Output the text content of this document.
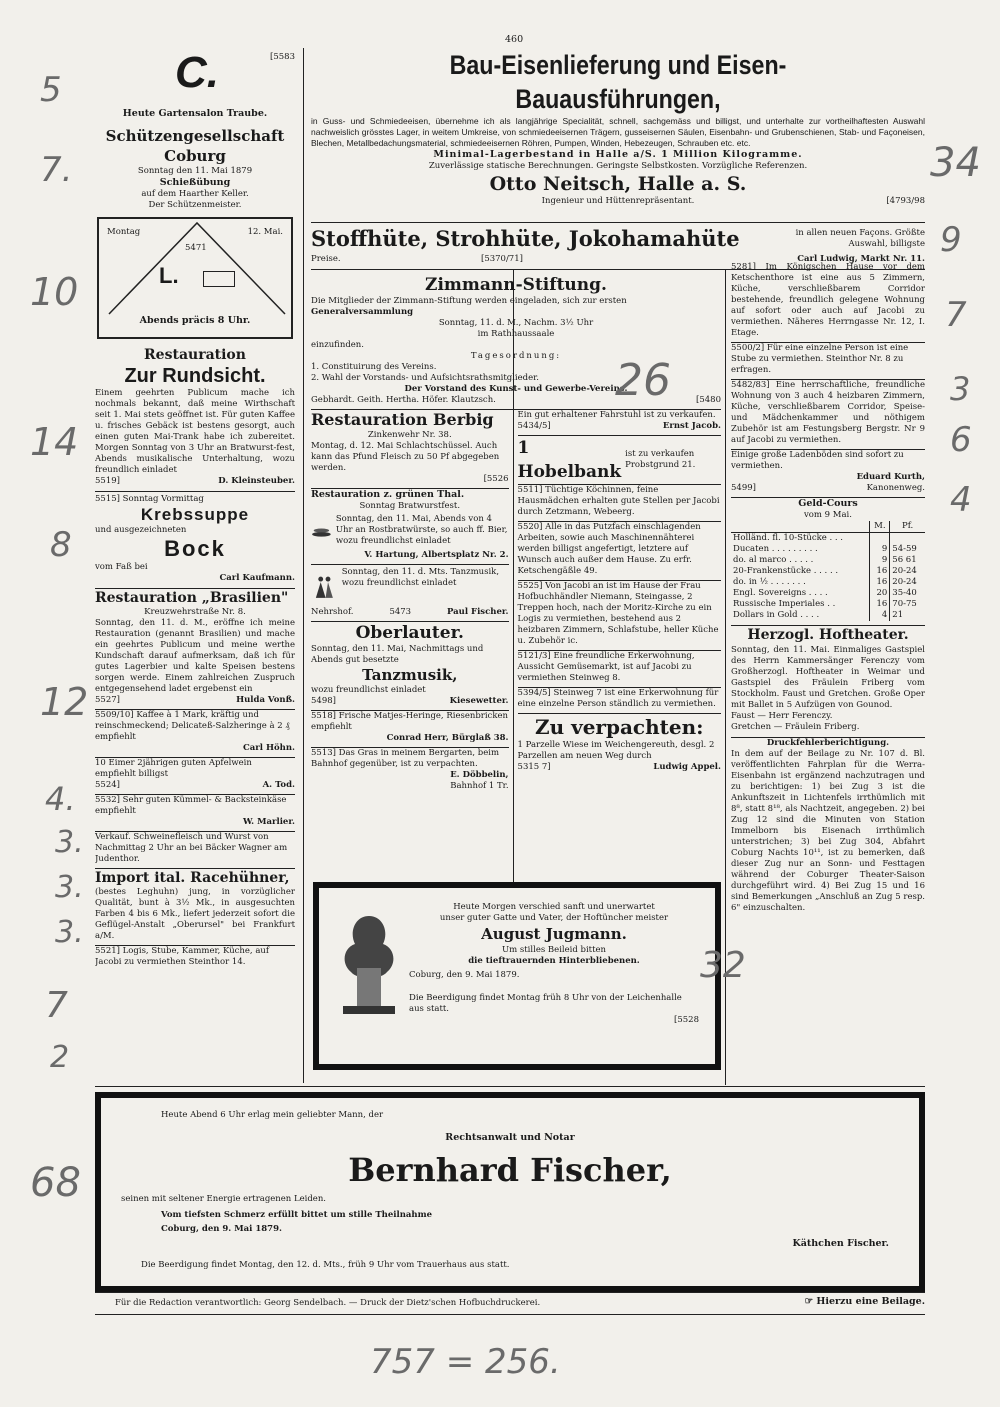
460
C.	[5583
Heute Gartensalon Traube.
Schützengesellschaft Coburg
Sonntag den 11. Mai 1879
Schießübung
auf dem Haarther Keller.
Der Schützenmeister.
Montag	12. Mai.
5471
L.
Abends präcis 8 Uhr.
Restauration
Zur Rundsicht.
Einem geehrten Publicum mache ich nochmals bekannt, daß meine Wirthschaft seit 1. Mai stets geöffnet ist. Für guten Kaffee u. frisches Gebäck ist bestens gesorgt, auch einen guten Mai-Trank habe ich zubereitet. Morgen Sonntag von 3 Uhr an Bratwurst-fest, Abends musikalische Unterhaltung, wozu freundlich einladet
5519]	D. Kleinsteuber.
5515] Sonntag Vormittag
Krebssuppe
und ausgezeichneten
Bock
vom Faß bei
Carl Kaufmann.
Restauration „Brasilien"
Kreuzwehrstraße Nr. 8.
Sonntag, den 11. d. M., eröffne ich meine Restauration (genannt Brasilien) und mache ein geehrtes Publicum und meine werthe Kundschaft darauf aufmerksam, daß ich für gutes Lagerbier und kalte Speisen bestens sorgen werde. Einem zahlreichen Zuspruch entgegensehend ladet ergebenst ein
5527]	Hulda Vonß.
5509/10] Kaffee à 1 Mark, kräftig und reinschmeckend; Delicateß-Salzheringe à 2 ₰ empfiehlt
Carl Höhn.
10 Eimer 2jährigen guten Apfelwein empfiehlt billigst
5524]	A. Tod.
5532] Sehr guten Kümmel- & Backsteinkäse empfiehlt
W. Marlier.
Verkauf. Schweinefleisch und Wurst von Nachmittag 2 Uhr an bei Bäcker Wagner am Judenthor.
Import ital. Racehühner,
(bestes Leghuhn) jung, in vorzüglicher Qualität, bunt à 3½ Mk., in ausgesuchten Farben 4 bis 6 Mk., liefert jederzeit sofort die Geflügel-Anstalt „Oberursel" bei Frankfurt a/M.
5521] Logis, Stube, Kammer, Küche, auf Jacobi zu vermiethen Steinthor 14.
Bau-Eisenlieferung und Eisen-Bauausführungen,
in Guss- und Schmiedeeisen, übernehme ich als langjährige Specialität, schnell, sachgemäss und billigst, und unterhalte zur vortheilhaftesten Auswahl nachweislich grösstes Lager, in weitem Umkreise, von schmiedeeisernen Trägern, gusseisernen Säulen, Eisenbahn- und Grubenschienen, Stab- und Façoneisen, Blechen, Metallbedachungsmaterial, schmiedeeisernen Röhren, Pumpen, Winden, Hebezeugen, Schrauben etc. etc.
Minimal-Lagerbestand in Halle a/S. 1 Million Kilogramme.
Zuverlässige statische Berechnungen. Geringste Selbstkosten. Vorzügliche Referenzen.
Otto Neitsch, Halle a. S.
Ingenieur und Hüttenrepräsentant.	[4793/98
Stoffhüte, Strohhüte, Jokohamahüte	in allen neuen Façons. Größte Auswahl, billigste
Preise.	[5370/71]	Carl Ludwig, Markt Nr. 11.
Zimmann-Stiftung.
Die Mitglieder der Zimmann-Stiftung werden eingeladen, sich zur ersten
Generalversammlung
Sonntag, 11. d. M., Nachm. 3½ Uhr
im Rathhaussaale
einzufinden.
Tagesordnung:
1. Constituirung des Vereins.
2. Wahl der Vorstands- und Aufsichtsrathsmitglieder.
Der Vorstand des Kunst- und Gewerbe-Vereins.
Gebhardt. Geith. Hertha. Höfer. Klautzsch.	[5480
Restauration Berbig
Zinkenwehr Nr. 38.
Montag, d. 12. Mai Schlachtschüssel. Auch kann das Pfund Fleisch zu 50 Pf abgegeben werden.
[5526
Restauration z. grünen Thal.
Sonntag Bratwurstfest.
Sonntag, den 11. Mai, Abends von 4 Uhr an Rostbratwürste, so auch ff. Bier, wozu freundlichst einladet
V. Hartung, Albertsplatz Nr. 2.
Sonntag, den 11. d. Mts. Tanzmusik, wozu freundlichst einladet
Nehrshof.	5473	Paul Fischer.
Oberlauter.
Sonntag, den 11. Mai, Nachmittags und Abends gut besetzte
Tanzmusik,
wozu freundlichst einladet
5498]	Kiesewetter.
5518] Frische Matjes-Heringe, Riesenbricken empfiehlt
Conrad Herr, Bürglaß 38.
5513] Das Gras in meinem Bergarten, beim Bahnhof gegenüber, ist zu verpachten.
E. Döbbelin,
Bahnhof 1 Tr.
Ein gut erhaltener Fahrstuhl ist zu verkaufen.
5434/5]	Ernst Jacob.
1 Hobelbank
ist zu verkaufen Probstgrund 21.
5511] Tüchtige Köchinnen, feine Hausmädchen erhalten gute Stellen per Jacobi durch Zetzmann, Webeerg.
5520] Alle in das Putzfach einschlagenden Arbeiten, sowie auch Maschinennähterei werden billigst angefertigt, letztere auf Wunsch auch außer dem Hause. Zu erfr. Ketschengäßle 49.
5525] Von Jacobi an ist im Hause der Frau Hofbuchhändler Niemann, Steingasse, 2 Treppen hoch, nach der Moritz-Kirche zu ein Logis zu vermiethen, bestehend aus 2 heizbaren Zimmern, Schlafstube, heller Küche u. Zubehör ic.
5121/3] Eine freundliche Erkerwohnung, Aussicht Gemüsemarkt, ist auf Jacobi zu vermiethen Steinweg 8.
5394/5] Steinweg 7 ist eine Erkerwohnung für eine einzelne Person ständlich zu vermiethen.
Zu verpachten:
1 Parzelle Wiese im Weichengereuth, desgl. 2 Parzellen am neuen Weg durch
5315 7]	Ludwig Appel.
Heute Morgen verschied sanft und unerwartet
unser guter Gatte und Vater, der Hoftüncher meister
August Jugmann.
Um stilles Beileid bitten
die tieftrauernden Hinterbliebenen.
Coburg, den 9. Mai 1879.
Die Beerdigung findet Montag früh 8 Uhr von der Leichenhalle aus statt.
[5528
5281] Im Königschen Hause vor dem Ketschenthore ist eine aus 5 Zimmern, Küche, verschließbarem Corridor bestehende, freundlich gelegene Wohnung auf sofort oder auch auf Jacobi zu vermiethen. Näheres Herrngasse Nr. 12, I. Etage.
5500/2] Für eine einzelne Person ist eine Stube zu vermiethen. Steinthor Nr. 8 zu erfragen.
5482/83] Eine herrschaftliche, freundliche Wohnung von 3 auch 4 heizbaren Zimmern, Küche, verschließbarem Corridor, Speise- und Mädchenkammer und nöthigem Zubehör ist am Festungsberg Bergstr. Nr 9 auf Jacobi zu vermiethen.
Einige große Ladenböden sind sofort zu vermiethen.
Eduard Kurth,
5499]	Kanonenweg.
Geld-Cours
vom 9 Mai.
	M.	Pf.
Holländ. fl. 10-Stücke . . .		
Ducaten . . . . . . . . .	9	54-59
do. al marco . . . . .	9	56 61
20-Frankenstücke . . . . .	16	20-24
do. in ½ . . . . . . .	16	20-24
Engl. Sovereigns . . . .	20	35-40
Russische Imperiales . .	16	70-75
Dollars in Gold . . . .	4	21
Herzogl. Hoftheater.
Sonntag, den 11. Mai. Einmaliges Gastspiel des Herrn Kammersänger Ferenczy vom Großherzogl. Hoftheater in Weimar und Gastspiel des Fräulein Friberg vom Stockholm. Faust und Gretchen. Große Oper mit Ballet in 5 Aufzügen von Gounod.
Faust — Herr Ferenczy.
Gretchen — Fräulein Friberg.
Druckfehlerberichtigung.
In dem auf der Beilage zu Nr. 107 d. Bl. veröffentlichten Fahrplan für die Werra-Eisenbahn ist ergänzend nachzutragen und zu berichtigen: 1) bei Zug 3 ist die Ankunftszeit in Lichtenfels irrthümlich mit 8⁸, statt 8¹⁸, als Nachtzeit, angegeben. 2) bei Zug 12 sind die Minuten von Station Immelborn bis Eisenach irrthümlich unterstrichen; 3) bei Zug 304, Abfahrt Coburg Nachts 10¹¹, ist zu bemerken, daß dieser Zug nur an Sonn- und Festtagen während der Coburger Theater-Saison durchgeführt wird. 4) Bei Zug 15 und 16 sind Bemerkungen „Anschluß an Zug 5 resp. 6" einzuschalten.
Heute Abend 6 Uhr erlag mein geliebter Mann, der
Rechtsanwalt und Notar
Bernhard Fischer,
seinen mit seltener Energie ertragenen Leiden.
Vom tiefsten Schmerz erfüllt bittet um stille Theilnahme
Coburg, den 9. Mai 1879.
Käthchen Fischer.
Die Beerdigung findet Montag, den 12. d. Mts., früh 9 Uhr vom Trauerhaus aus statt.
Für die Redaction verantwortlich: Georg Sendelbach. — Druck der Dietz'schen Hofbuchdruckerei.	☞ Hierzu eine Beilage.
5
7.
10
14
8
12
4.
3.
3.
3.
7
2
68
26
32
34
9
7
3
6
4
757 = 256.
